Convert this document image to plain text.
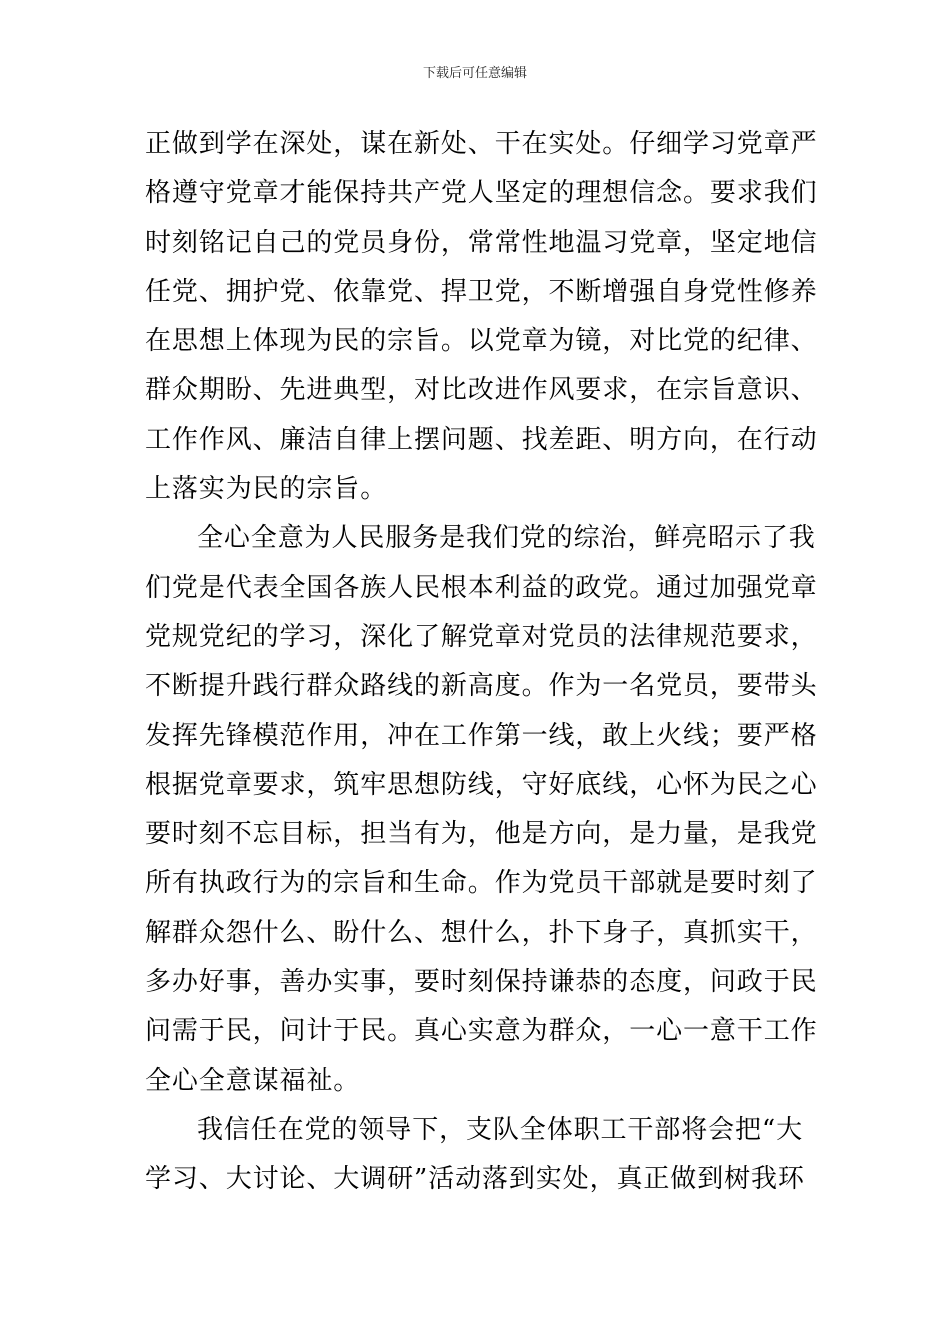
下载后可任意编辑
正做到学在深处，谋在新处、干在实处。仔细学习党章严
格遵守党章才能保持共产党人坚定的理想信念。要求我们
时刻铭记自己的党员身份，常常性地温习党章，坚定地信
任党、拥护党、依靠党、捍卫党，不断增强自身党性修养
在思想上体现为民的宗旨。以党章为镜，对比党的纪律、
群众期盼、先进典型，对比改进作风要求，在宗旨意识、
工作作风、廉洁自律上摆问题、找差距、明方向，在行动
上落实为民的宗旨。
全心全意为人民服务是我们党的综治，鲜亮昭示了我
们党是代表全国各族人民根本利益的政党。通过加强党章
党规党纪的学习，深化了解党章对党员的法律规范要求，
不断提升践行群众路线的新高度。作为一名党员，要带头
发挥先锋模范作用，冲在工作第一线，敢上火线；要严格
根据党章要求，筑牢思想防线，守好底线，心怀为民之心
要时刻不忘目标，担当有为，他是方向，是力量，是我党
所有执政行为的宗旨和生命。作为党员干部就是要时刻了
解群众怨什么、盼什么、想什么，扑下身子，真抓实干，
多办好事，善办实事，要时刻保持谦恭的态度，问政于民
问需于民，问计于民。真心实意为群众，一心一意干工作
全心全意谋福祉。
我信任在党的领导下，支队全体职工干部将会把“大
学习、大讨论、大调研”活动落到实处，真正做到树我环
